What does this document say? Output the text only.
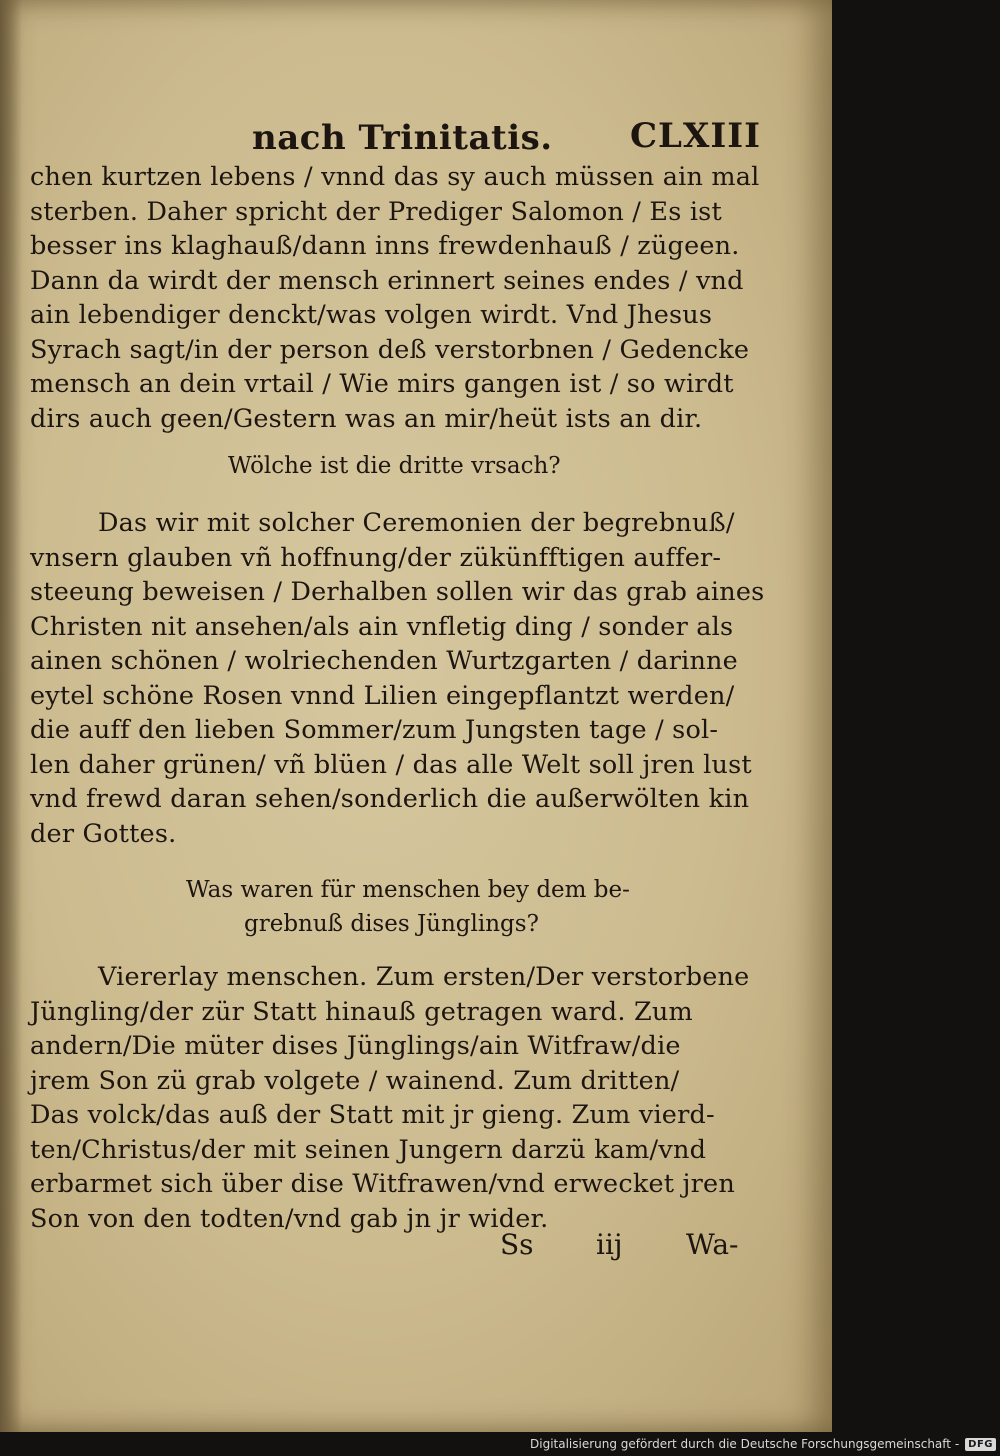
nach Trinitatis. CLXIII
chen kurtzen lebens / vnnd das sy auch müssen ain mal
sterben. Daher spricht der Prediger Salomon / Es ist
besser ins klaghauß/dann inns frewdenhauß / zügeen.
Dann da wirdt der mensch erinnert seines endes / vnd
ain lebendiger denckt/was volgen wirdt. Vnd Jhesus
Syrach sagt/in der person deß verstorbnen / Gedencke
mensch an dein vrtail / Wie mirs gangen ist / so wirdt
dirs auch geen/Gestern was an mir/heüt ists an dir.
Wölche ist die dritte vrsach?
Das wir mit solcher Ceremonien der begrebnuß/
vnsern glauben vñ hoffnung/der zükünfftigen auffer-
steeung beweisen / Derhalben sollen wir das grab aines
Christen nit ansehen/als ain vnfletig ding / sonder als
ainen schönen / wolriechenden Wurtzgarten / darinne
eytel schöne Rosen vnnd Lilien eingepflantzt werden/
die auff den lieben Sommer/zum Jungsten tage / sol-
len daher grünen/ vñ blüen / das alle Welt soll jren lust
vnd frewd daran sehen/sonderlich die außerwölten kin
der Gottes.
Was waren für menschen bey dem be-
grebnuß dises Jünglings?
Viererlay menschen. Zum ersten/Der verstorbene
Jüngling/der zür Statt hinauß getragen ward. Zum
andern/Die müter dises Jünglings/ain Witfraw/die
jrem Son zü grab volgete / wainend. Zum dritten/
Das volck/das auß der Statt mit jr gieng. Zum vierd-
ten/Christus/der mit seinen Jungern darzü kam/vnd
erbarmet sich über dise Witfrawen/vnd erwecket jren
Son von den todten/vnd gab jn jr wider.
Ss iij Wa-
Digitalisierung gefördert durch die Deutsche Forschungsgemeinschaft - DFG
